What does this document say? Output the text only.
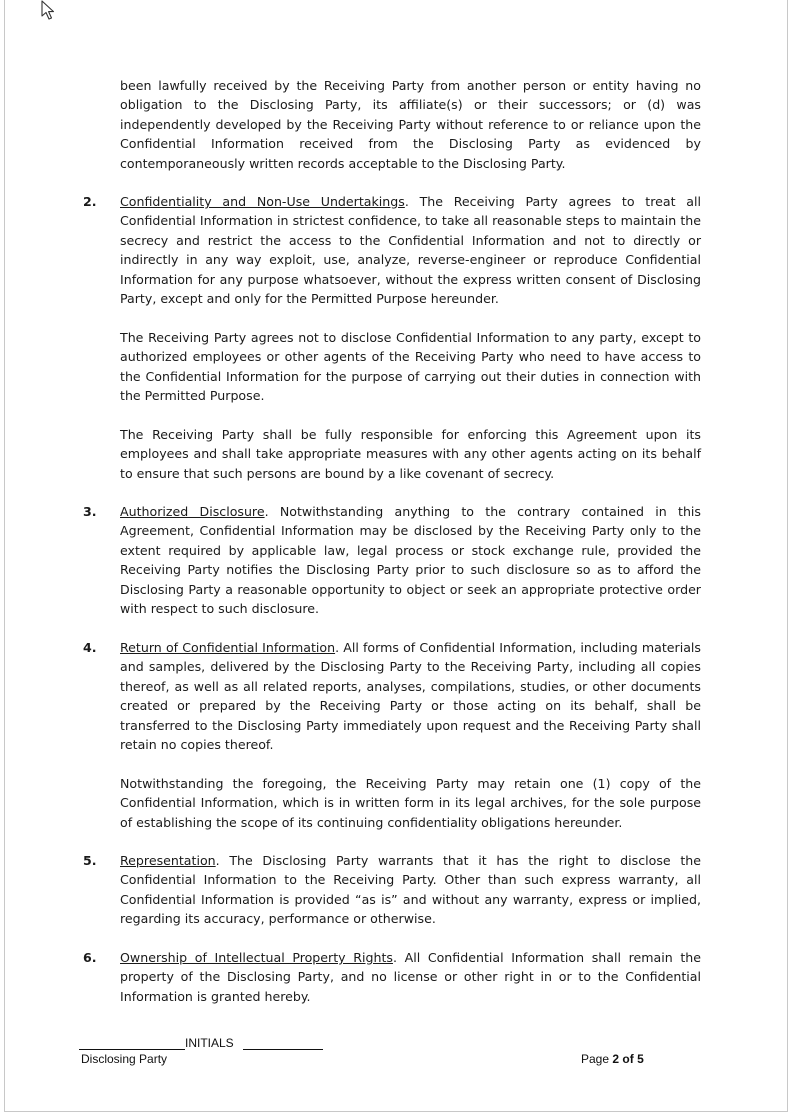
been lawfully received by the Receiving Party from another person or entity having no obligation to the Disclosing Party, its affiliate(s) or their successors; or (d) was independently developed by the Receiving Party without reference to or reliance upon the Confidential Information received from the Disclosing Party as evidenced by contemporaneously written records acceptable to the Disclosing Party.

2. Confidentiality and Non-Use Undertakings. The Receiving Party agrees to treat all Confidential Information in strictest confidence, to take all reasonable steps to maintain the secrecy and restrict the access to the Confidential Information and not to directly or indirectly in any way exploit, use, analyze, reverse-engineer or reproduce Confidential Information for any purpose whatsoever, without the express written consent of Disclosing Party, except and only for the Permitted Purpose hereunder.

The Receiving Party agrees not to disclose Confidential Information to any party, except to authorized employees or other agents of the Receiving Party who need to have access to the Confidential Information for the purpose of carrying out their duties in connection with the Permitted Purpose.

The Receiving Party shall be fully responsible for enforcing this Agreement upon its employees and shall take appropriate measures with any other agents acting on its behalf to ensure that such persons are bound by a like covenant of secrecy.

3. Authorized Disclosure. Notwithstanding anything to the contrary contained in this Agreement, Confidential Information may be disclosed by the Receiving Party only to the extent required by applicable law, legal process or stock exchange rule, provided the Receiving Party notifies the Disclosing Party prior to such disclosure so as to afford the Disclosing Party a reasonable opportunity to object or seek an appropriate protective order with respect to such disclosure.

4. Return of Confidential Information. All forms of Confidential Information, including materials and samples, delivered by the Disclosing Party to the Receiving Party, including all copies thereof, as well as all related reports, analyses, compilations, studies, or other documents created or prepared by the Receiving Party or those acting on its behalf, shall be transferred to the Disclosing Party immediately upon request and the Receiving Party shall retain no copies thereof.

Notwithstanding the foregoing, the Receiving Party may retain one (1) copy of the Confidential Information, which is in written form in its legal archives, for the sole purpose of establishing the scope of its continuing confidentiality obligations hereunder.

5. Representation. The Disclosing Party warrants that it has the right to disclose the Confidential Information to the Receiving Party. Other than such express warranty, all Confidential Information is provided “as is” and without any warranty, express or implied, regarding its accuracy, performance or otherwise.

6. Ownership of Intellectual Property Rights. All Confidential Information shall remain the property of the Disclosing Party, and no license or other right in or to the Confidential Information is granted hereby.

INITIALS
Disclosing Party	Page 2 of 5
